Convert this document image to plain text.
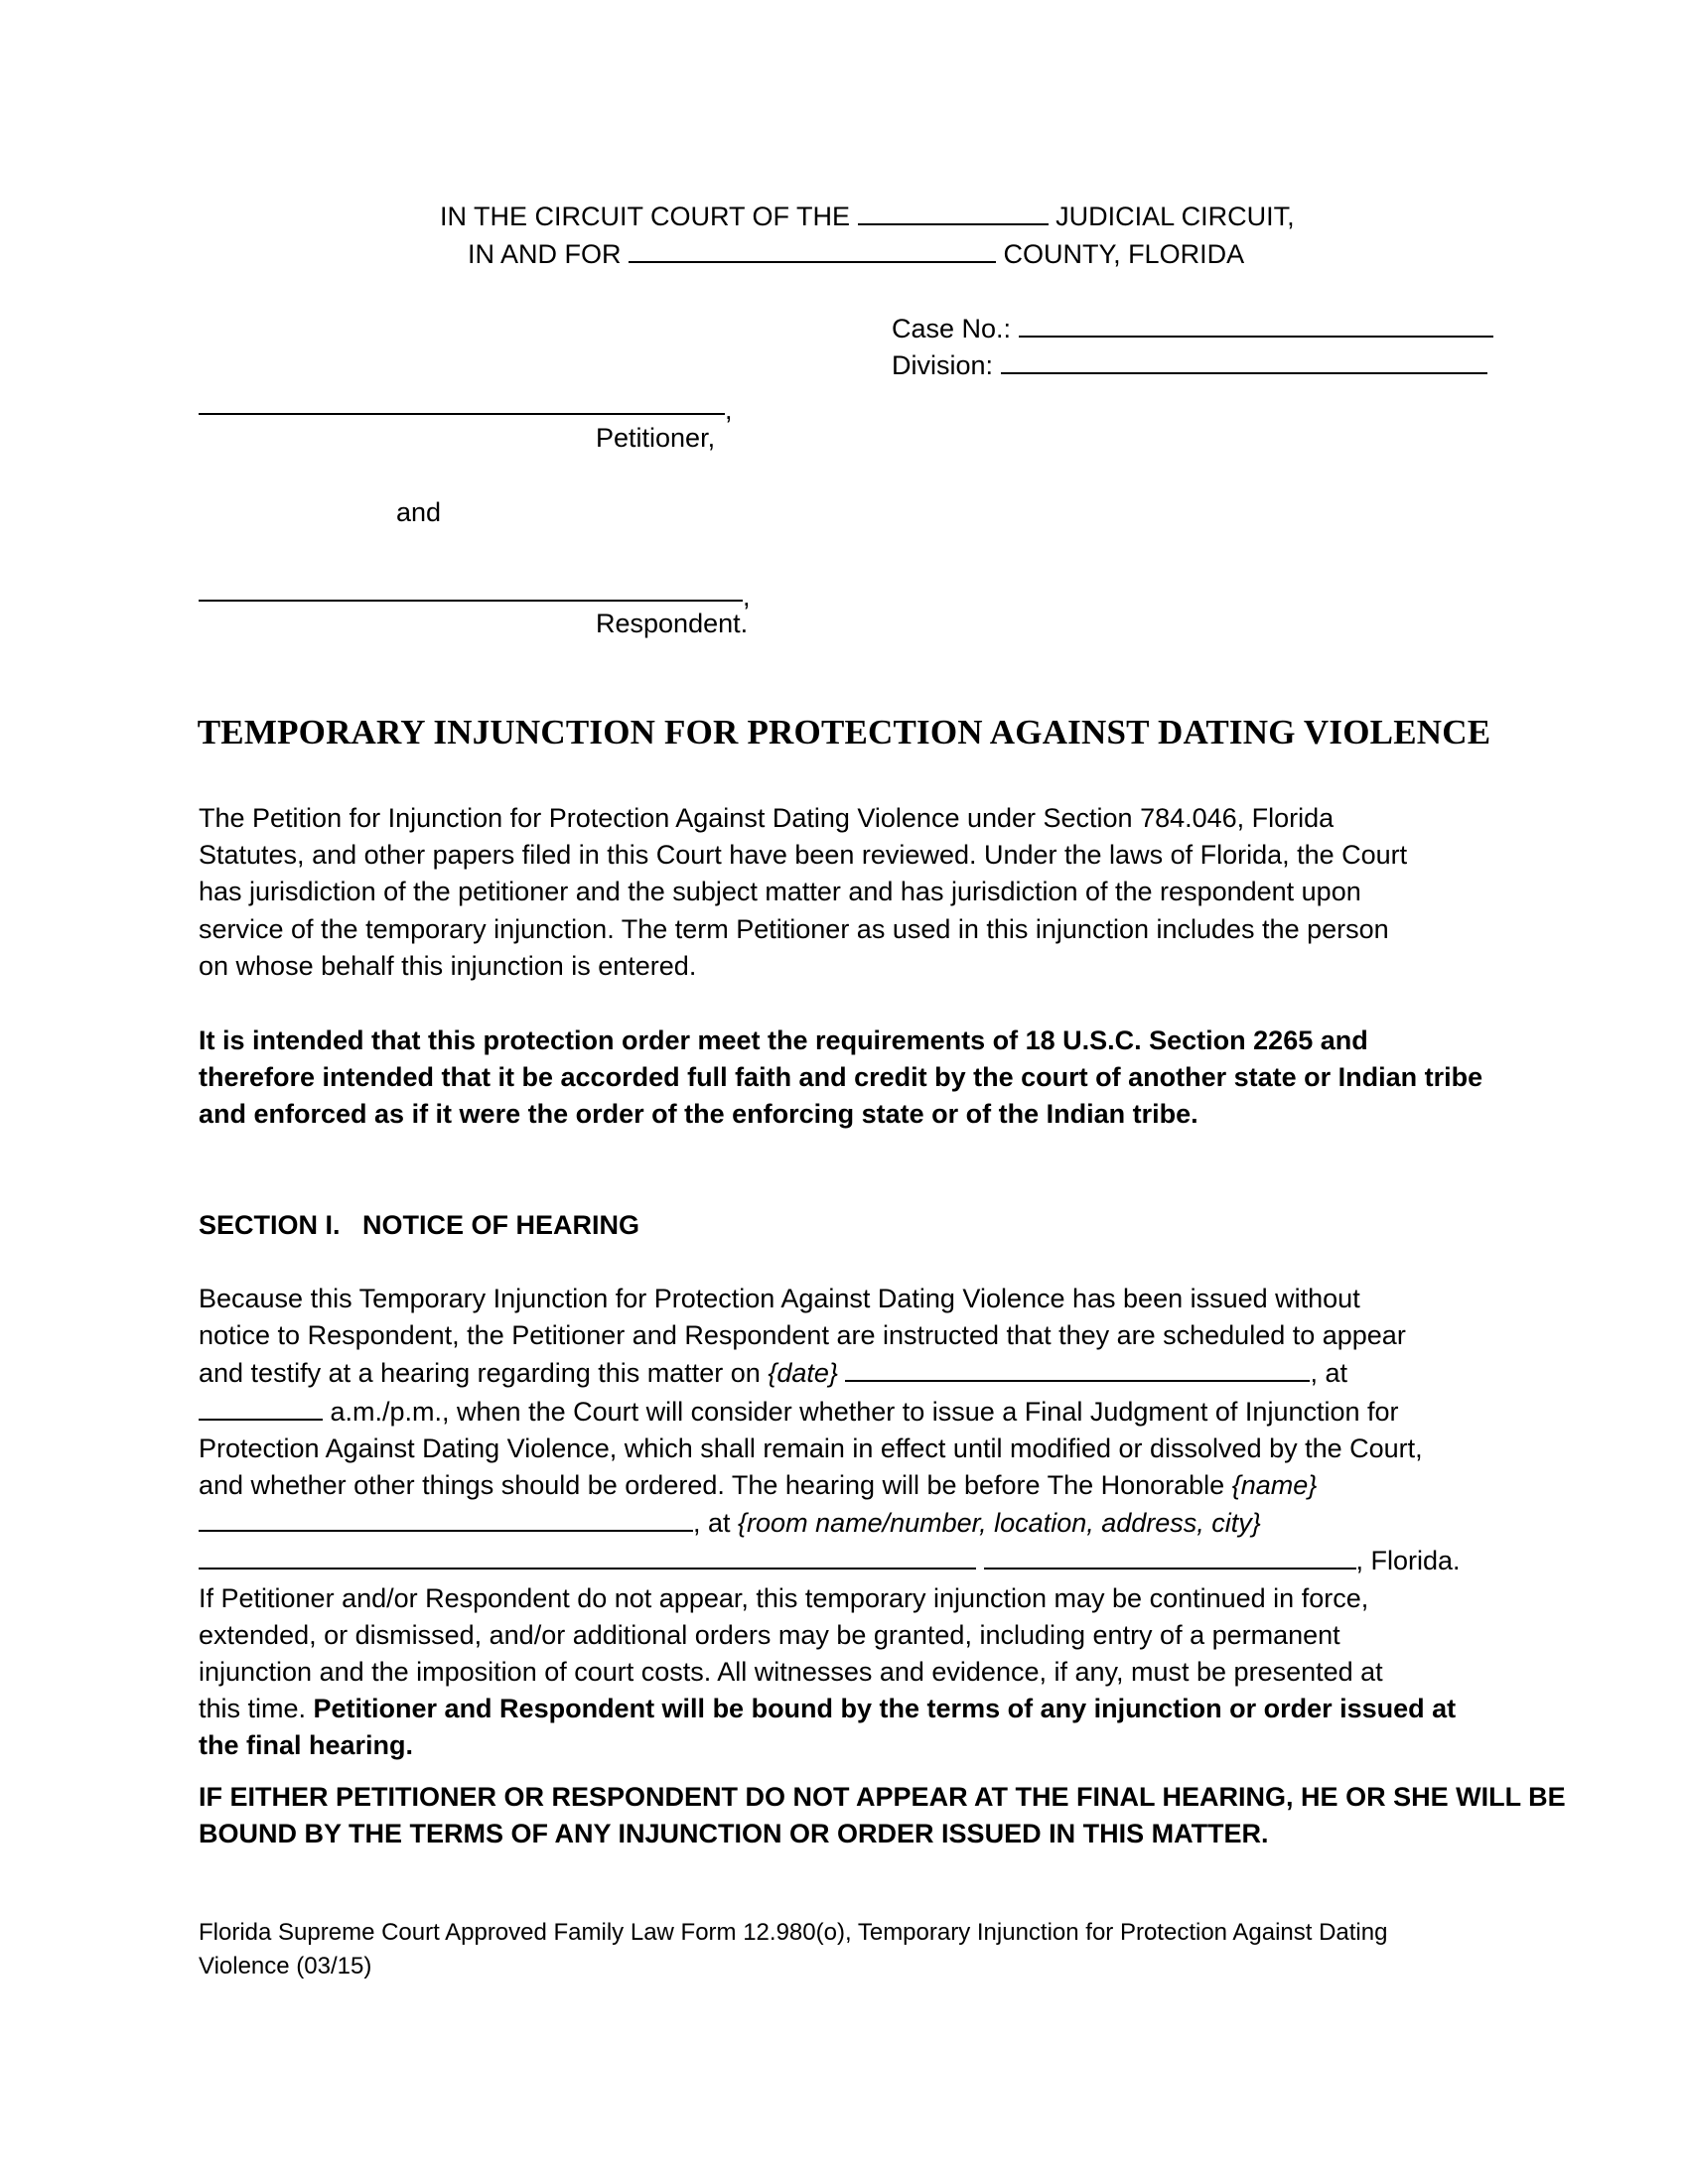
IN THE CIRCUIT COURT OF THE	JUDICIAL CIRCUIT,
IN AND FOR	COUNTY, FLORIDA
Case No.:
Division:
,
Petitioner,
and
,
Respondent.
TEMPORARY INJUNCTION FOR PROTECTION AGAINST DATING VIOLENCE
The Petition for Injunction for Protection Against Dating Violence under Section 784.046, Florida
Statutes, and other papers filed in this Court have been reviewed. Under the laws of Florida, the Court
has jurisdiction of the petitioner and the subject matter and has jurisdiction of the respondent upon
service of the temporary injunction. The term Petitioner as used in this injunction includes the person
on whose behalf this injunction is entered.
It is intended that this protection order meet the requirements of 18 U.S.C. Section 2265 and
therefore intended that it be accorded full faith and credit by the court of another state or Indian tribe
and enforced as if it were the order of the enforcing state or of the Indian tribe.
SECTION I. NOTICE OF HEARING
Because this Temporary Injunction for Protection Against Dating Violence has been issued without
notice to Respondent, the Petitioner and Respondent are instructed that they are scheduled to appear
and testify at a hearing regarding this matter on {date}	, at
a.m./p.m., when the Court will consider whether to issue a Final Judgment of Injunction for
Protection Against Dating Violence, which shall remain in effect until modified or dissolved by the Court,
and whether other things should be ordered. The hearing will be before The Honorable {name}
, at {room name/number, location, address, city}
, Florida.
If Petitioner and/or Respondent do not appear, this temporary injunction may be continued in force,
extended, or dismissed, and/or additional orders may be granted, including entry of a permanent
injunction and the imposition of court costs. All witnesses and evidence, if any, must be presented at
this time. Petitioner and Respondent will be bound by the terms of any injunction or order issued at
the final hearing.
IF EITHER PETITIONER OR RESPONDENT DO NOT APPEAR AT THE FINAL HEARING, HE OR SHE WILL BE
BOUND BY THE TERMS OF ANY INJUNCTION OR ORDER ISSUED IN THIS MATTER.
Florida Supreme Court Approved Family Law Form 12.980(o), Temporary Injunction for Protection Against Dating
Violence (03/15)
